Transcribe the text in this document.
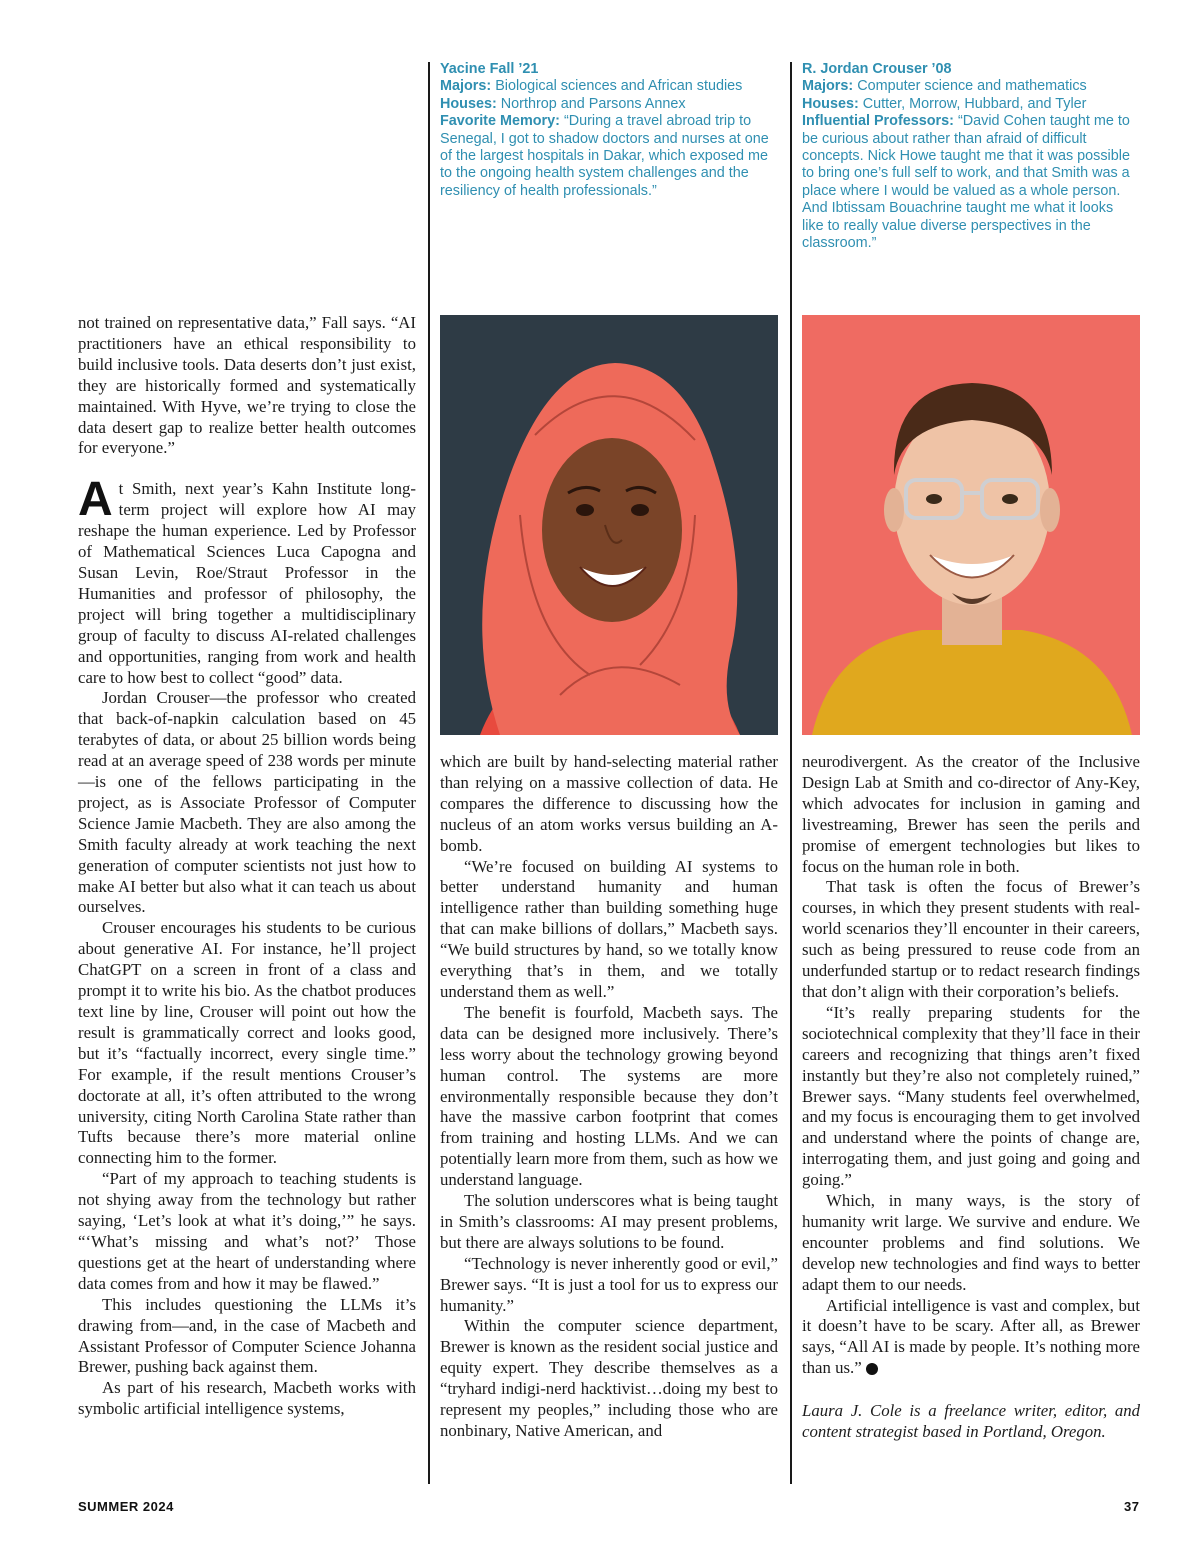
Yacine Fall ’21
Majors: Biological sciences and African studies
Houses: Northrop and Parsons Annex
Favorite Memory: “During a travel abroad trip to Senegal, I got to shadow doctors and nurses at one of the largest hospitals in Dakar, which exposed me to the ongoing health system challenges and the resiliency of health professionals.”
R. Jordan Crouser ’08
Majors: Computer science and mathematics
Houses: Cutter, Morrow, Hubbard, and Tyler
Influential Professors: “David Cohen taught me to be curious about rather than afraid of difficult concepts. Nick Howe taught me that it was possible to bring one’s full self to work, and that Smith was a place where I would be valued as a whole person. And Ibtissam Bouachrine taught me what it looks like to really value diverse perspectives in the classroom.”

not trained on representative data,” Fall says. “AI practitioners have an ethical responsibility to build inclusive tools. Data deserts don’t just exist, they are historically formed and systematically maintained. With Hyve, we’re trying to close the data desert gap to realize better health outcomes for everyone.”

At Smith, next year’s Kahn Institute long-term project will explore how AI may reshape the human experience. Led by Professor of Mathematical Sciences Luca Capogna and Susan Levin, Roe/Straut Professor in the Humanities and professor of philosophy, the project will bring together a multidisciplinary group of faculty to discuss AI-related challenges and opportunities, ranging from work and health care to how best to collect “good” data.

Jordan Crouser—the professor who created that back-of-napkin calculation based on 45 terabytes of data, or about 25 billion words being read at an average speed of 238 words per minute—is one of the fellows participating in the project, as is Associate Professor of Computer Science Jamie Macbeth. They are also among the Smith faculty already at work teaching the next generation of computer scientists not just how to make AI better but also what it can teach us about ourselves.

Crouser encourages his students to be curious about generative AI. For instance, he’ll project ChatGPT on a screen in front of a class and prompt it to write his bio. As the chatbot produces text line by line, Crouser will point out how the result is grammatically correct and looks good, but it’s “factually incorrect, every single time.” For example, if the result mentions Crouser’s doctorate at all, it’s often attributed to the wrong university, citing North Carolina State rather than Tufts because there’s more material online connecting him to the former.

“Part of my approach to teaching students is not shying away from the technology but rather saying, ‘Let’s look at what it’s doing,’” he says. “‘What’s missing and what’s not?’ Those questions get at the heart of understanding where data comes from and how it may be flawed.”

This includes questioning the LLMs it’s drawing from—and, in the case of Macbeth and Assistant Professor of Computer Science Johanna Brewer, pushing back against them.

As part of his research, Macbeth works with symbolic artificial intelligence systems,

which are built by hand-selecting material rather than relying on a massive collection of data. He compares the difference to discussing how the nucleus of an atom works versus building an A-bomb.

“We’re focused on building AI systems to better understand humanity and human intelligence rather than building something huge that can make billions of dollars,” Macbeth says. “We build structures by hand, so we totally know everything that’s in them, and we totally understand them as well.”

The benefit is fourfold, Macbeth says. The data can be designed more inclusively. There’s less worry about the technology growing beyond human control. The systems are more environmentally responsible because they don’t have the massive carbon footprint that comes from training and hosting LLMs. And we can potentially learn more from them, such as how we understand language.

The solution underscores what is being taught in Smith’s classrooms: AI may present problems, but there are always solutions to be found.

“Technology is never inherently good or evil,” Brewer says. “It is just a tool for us to express our humanity.”

Within the computer science department, Brewer is known as the resident social justice and equity expert. They describe themselves as a “tryhard indigi-nerd hacktivist…doing my best to represent my peoples,” including those who are nonbinary, Native American, and

neurodivergent. As the creator of the Inclusive Design Lab at Smith and co-director of Any-Key, which advocates for inclusion in gaming and livestreaming, Brewer has seen the perils and promise of emergent technologies but likes to focus on the human role in both.

That task is often the focus of Brewer’s courses, in which they present students with real-world scenarios they’ll encounter in their careers, such as being pressured to reuse code from an underfunded startup or to redact research findings that don’t align with their corporation’s beliefs.

“It’s really preparing students for the sociotechnical complexity that they’ll face in their careers and recognizing that things aren’t fixed instantly but they’re also not completely ruined,” Brewer says. “Many students feel overwhelmed, and my focus is encouraging them to get involved and understand where the points of change are, interrogating them, and just going and going and going.”

Which, in many ways, is the story of humanity writ large. We survive and endure. We encounter problems and find solutions. We develop new technologies and find ways to better adapt them to our needs.

Artificial intelligence is vast and complex, but it doesn’t have to be scary. After all, as Brewer says, “All AI is made by people. It’s nothing more than us.”

Laura J. Cole is a freelance writer, editor, and content strategist based in Portland, Oregon.
SUMMER 2024	37
